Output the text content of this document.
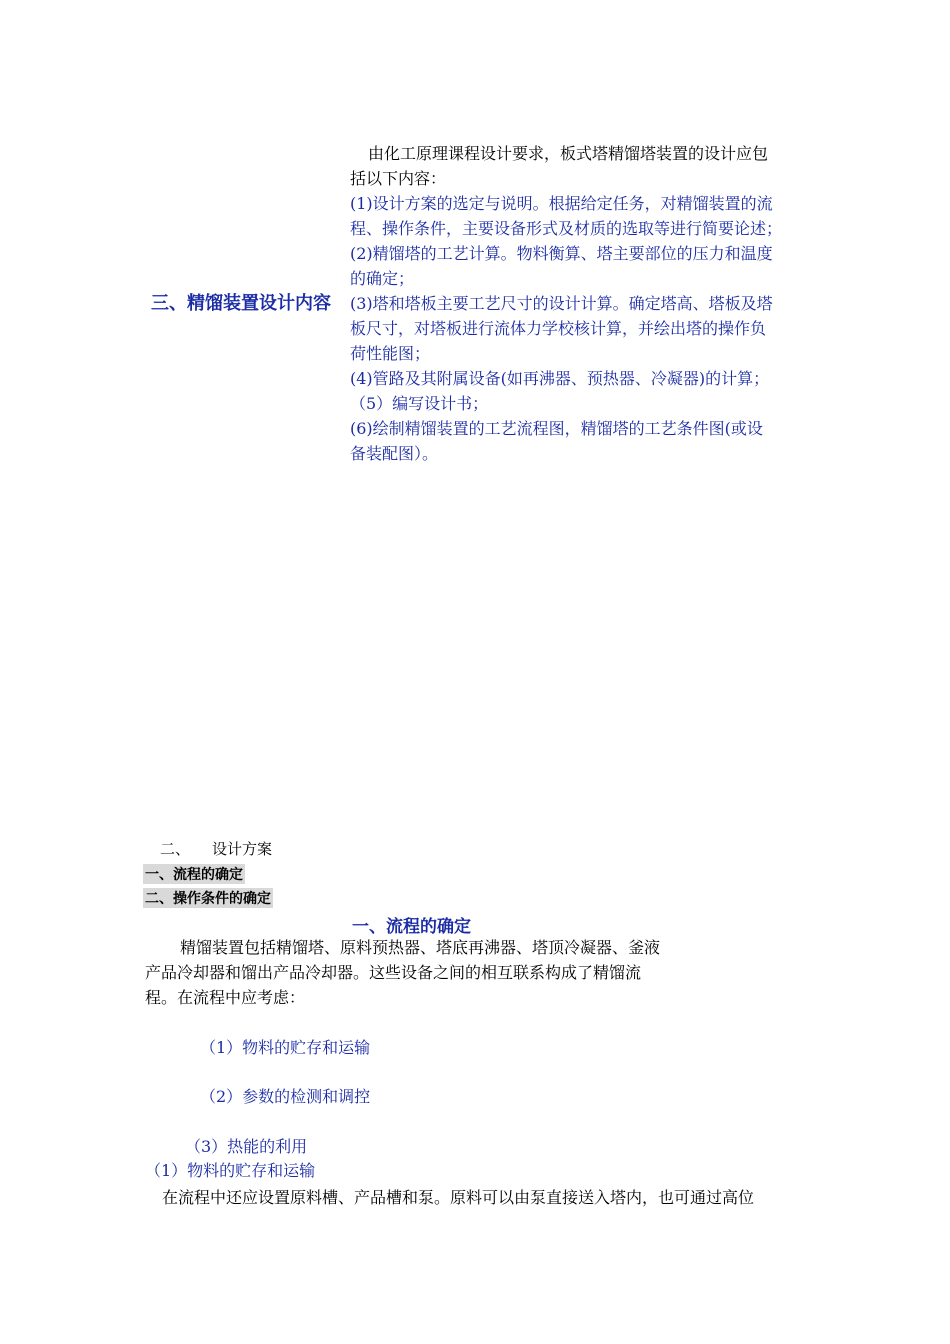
三、精馏装置设计内容
由化工原理课程设计要求，板式塔精馏塔装置的设计应包
括以下内容：
(1)设计方案的选定与说明。根据给定任务，对精馏装置的流
程、操作条件，主要设备形式及材质的选取等进行简要论述；
(2)精馏塔的工艺计算。物料衡算、塔主要部位的压力和温度
的确定；
(3)塔和塔板主要工艺尺寸的设计计算。确定塔高、塔板及塔
板尺寸，对塔板进行流体力学校核计算，并绘出塔的操作负
荷性能图；
(4)管路及其附属设备(如再沸器、预热器、冷凝器)的计算；
（5）编写设计书；
(6)绘制精馏装置的工艺流程图，精馏塔的工艺条件图(或设
备装配图）。
二、 设计方案
一、流程的确定
二、操作条件的确定
一、流程的确定
精馏装置包括精馏塔、原料预热器、塔底再沸器、塔顶冷凝器、釜液
产品冷却器和馏出产品冷却器。这些设备之间的相互联系构成了精馏流
程。在流程中应考虑：
（1）物料的贮存和运输
（2）参数的检测和调控
（3）热能的利用
（1）物料的贮存和运输
在流程中还应设置原料槽、产品槽和泵。原料可以由泵直接送入塔内，也可通过高位
